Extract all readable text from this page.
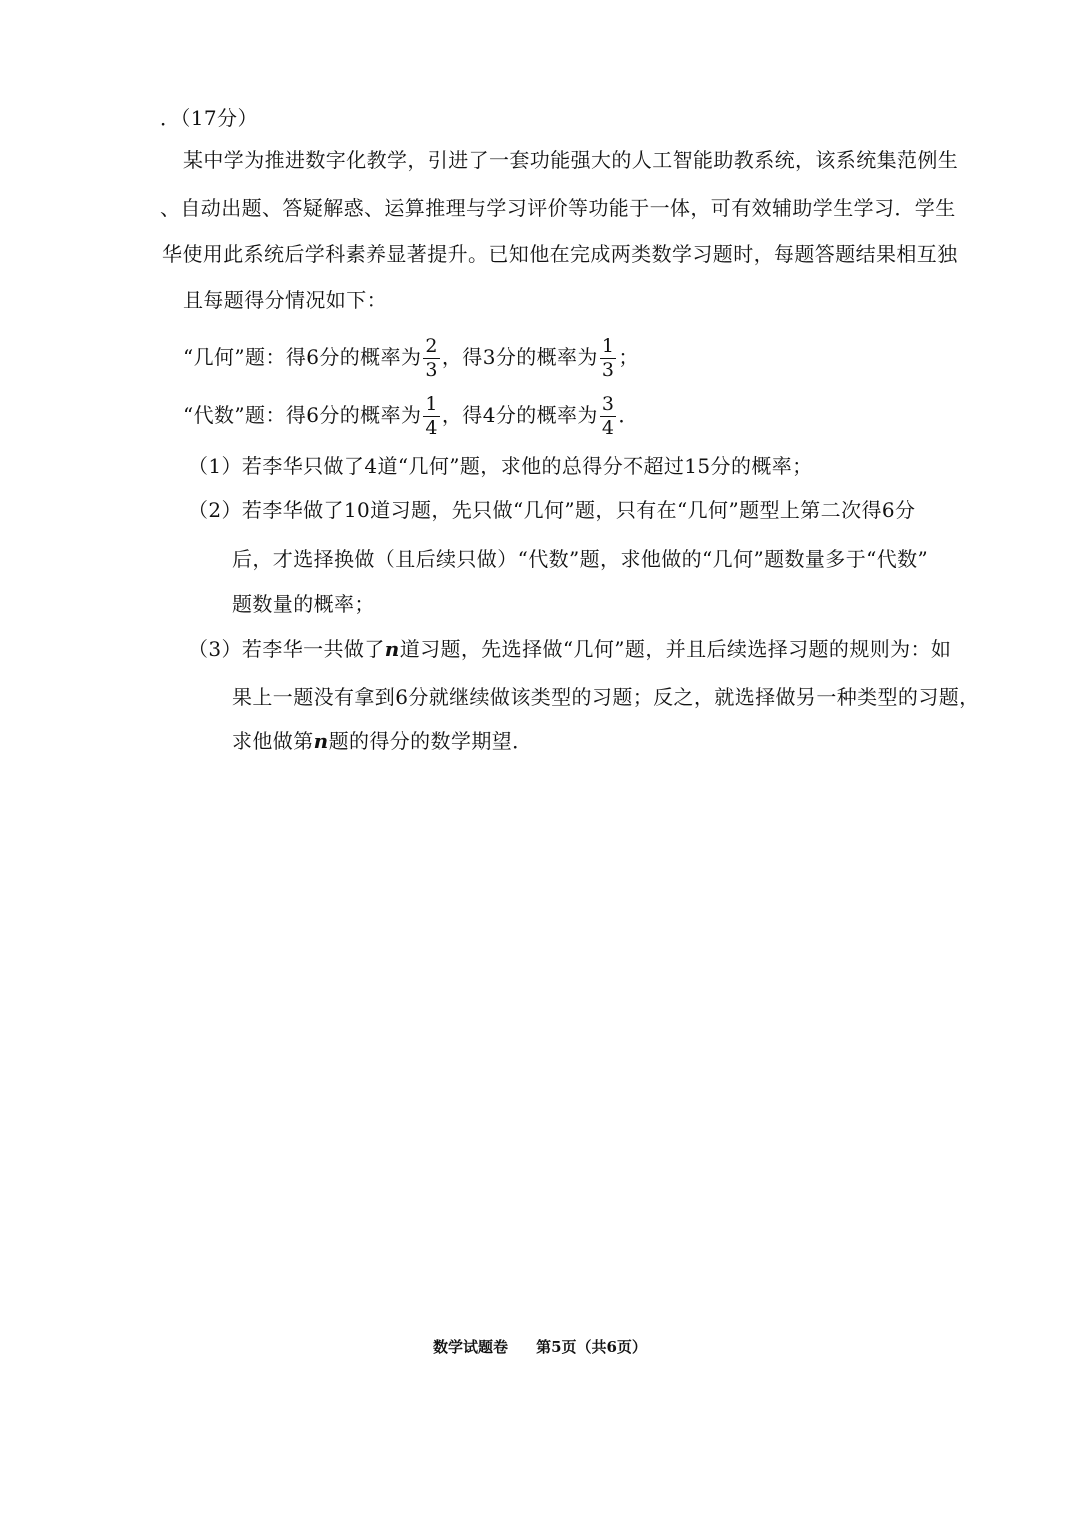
．（17分）
某中学为推进数字化教学，引进了一套功能强大的人工智能助教系统，该系统集范例生
、自动出题、答疑解惑、运算推理与学习评价等功能于一体，可有效辅助学生学习．学生
华使用此系统后学科素养显著提升。已知他在完成两类数学习题时，每题答题结果相互独
且每题得分情况如下：
“几何”题：得6分的概率为 $\frac{2}{3}$ ，得3分的概率为 $\frac{1}{3}$ ；
“代数”题：得6分的概率为 $\frac{1}{4}$ ，得4分的概率为 $\frac{3}{4}$ ．
（1）若李华只做了4道“几何”题，求他的总得分不超过15分的概率；
（2）若李华做了10道习题，先只做“几何”题，只有在“几何”题型上第二次得6分
后，才选择换做（且后续只做）“代数”题，求他做的“几何”题数量多于“代数”
题数量的概率；
（3）若李华一共做了n道习题，先选择做“几何”题，并且后续选择习题的规则为：如
果上一题没有拿到6分就继续做该类型的习题；反之，就选择做另一种类型的习题，
求他做第n题的得分的数学期望．
数学试题卷 第5页（共6页）
